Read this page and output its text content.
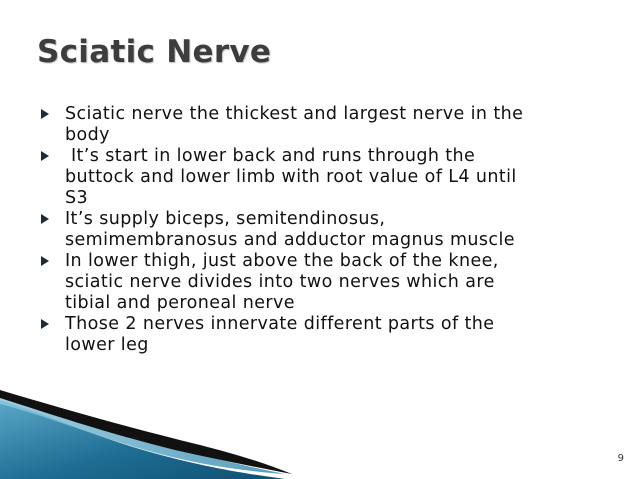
Sciatic Nerve
Sciatic nerve the thickest and largest nerve in the
body
It’s start in lower back and runs through the
buttock and lower limb with root value of L4 until
S3
It’s supply biceps, semitendinosus,
semimembranosus and adductor magnus muscle
In lower thigh, just above the back of the knee,
sciatic nerve divides into two nerves which are
tibial and peroneal nerve
Those 2 nerves innervate different parts of the
lower leg
9
